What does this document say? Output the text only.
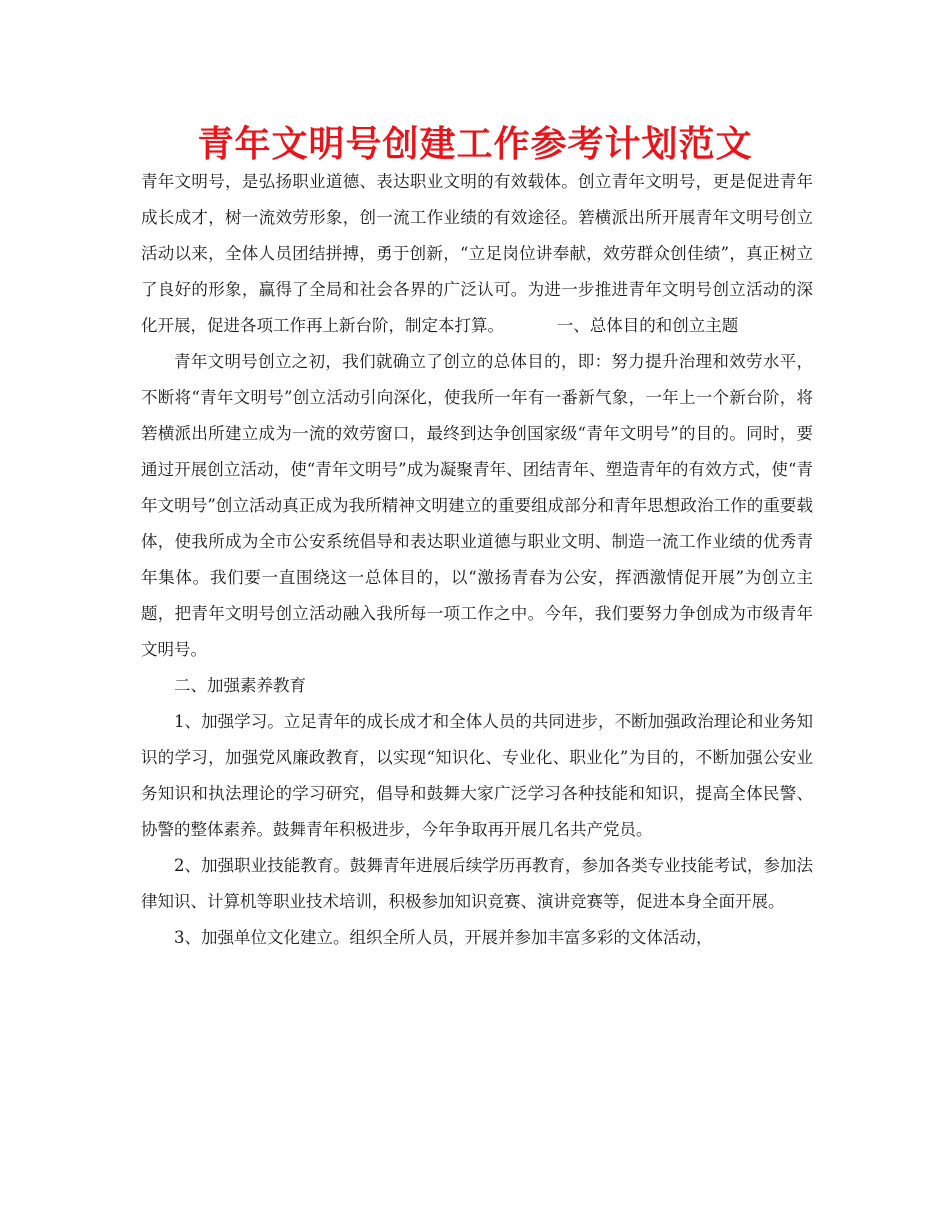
青年文明号创建工作参考计划范文

青年文明号，是弘扬职业道德、表达职业文明的有效载体。创立青年文明号，更是促进青年成长成才，树一流效劳形象，创一流工作业绩的有效途径。箬横派出所开展青年文明号创立活动以来，全体人员团结拼搏，勇于创新，“立足岗位讲奉献，效劳群众创佳绩”，真正树立了良好的形象，赢得了全局和社会各界的广泛认可。为进一步推进青年文明号创立活动的深化开展，促进各项工作再上新台阶，制定本打算。	一、总体目的和创立主题

青年文明号创立之初，我们就确立了创立的总体目的，即：努力提升治理和效劳水平，不断将“青年文明号”创立活动引向深化，使我所一年有一番新气象，一年上一个新台阶，将箬横派出所建立成为一流的效劳窗口，最终到达争创国家级“青年文明号”的目的。同时，要通过开展创立活动，使“青年文明号”成为凝聚青年、团结青年、塑造青年的有效方式，使“青年文明号”创立活动真正成为我所精神文明建立的重要组成部分和青年思想政治工作的重要载体，使我所成为全市公安系统倡导和表达职业道德与职业文明、制造一流工作业绩的优秀青年集体。我们要一直围绕这一总体目的，以“激扬青春为公安，挥洒激情促开展”为创立主题，把青年文明号创立活动融入我所每一项工作之中。今年，我们要努力争创成为市级青年文明号。

二、加强素养教育

1、加强学习。立足青年的成长成才和全体人员的共同进步，不断加强政治理论和业务知识的学习，加强党风廉政教育，以实现“知识化、专业化、职业化”为目的，不断加强公安业务知识和执法理论的学习研究，倡导和鼓舞大家广泛学习各种技能和知识，提高全体民警、协警的整体素养。鼓舞青年积极进步，今年争取再开展几名共产党员。

2、加强职业技能教育。鼓舞青年进展后续学历再教育，参加各类专业技能考试，参加法律知识、计算机等职业技术培训，积极参加知识竞赛、演讲竞赛等，促进本身全面开展。

3、加强单位文化建立。组织全所人员，开展并参加丰富多彩的文体活动，
